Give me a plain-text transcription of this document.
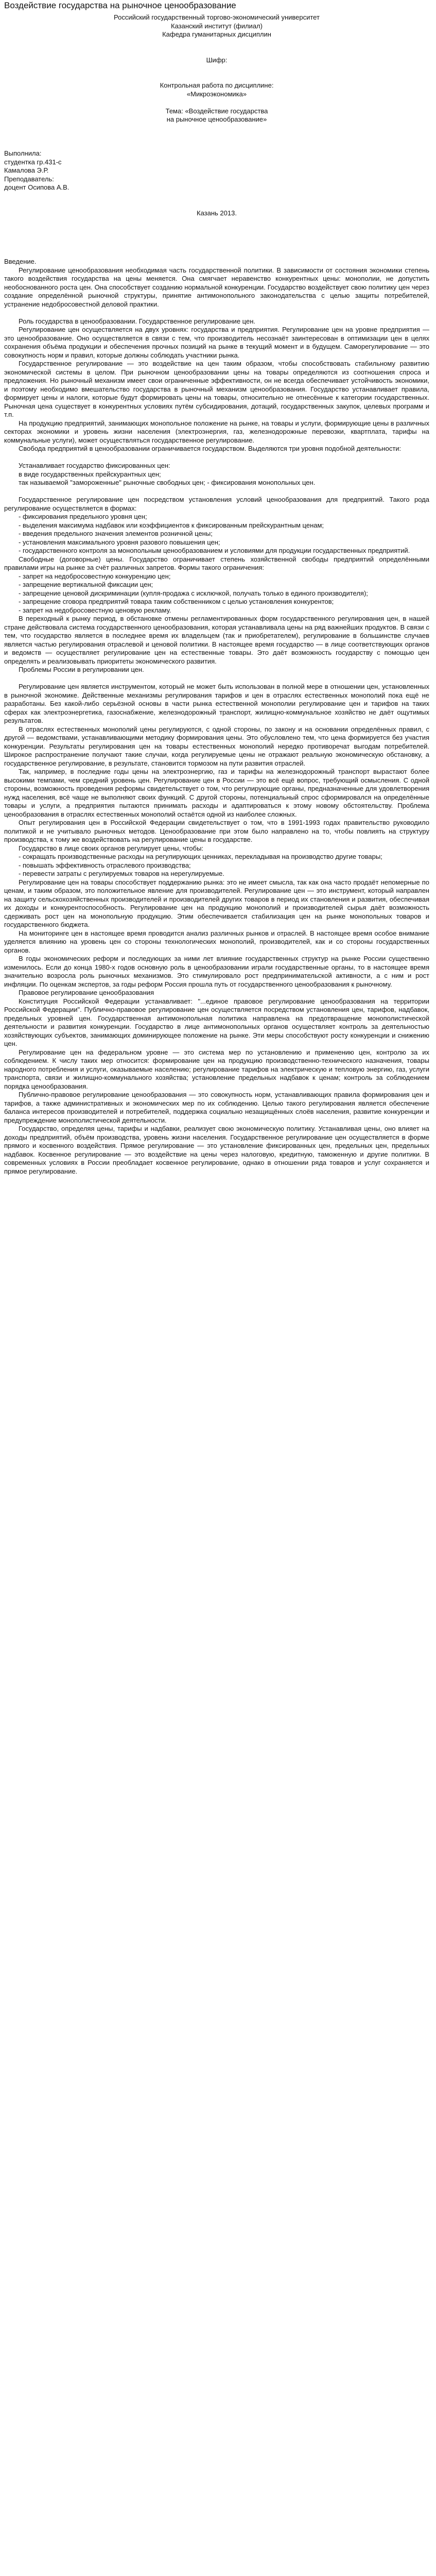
Воздействие государства на рыночное ценообразование

Российский государственный торгово-экономический университет

Казанский институт (филиал)

Кафедра гуманитарных дисциплин

Шифр:

Контрольная работа по дисциплине:

«Микроэкономика»

Тема: «Воздействие государства

на рыночное ценообразование»

Выполнила:

студентка гр.431-с

Камалова Э.Р.

Преподаватель:

доцент Осипова А.В.

Казань 2013.

Введение.

Регулирование ценообразования необходимая часть государственной политики. В зависимости от состояния экономики степень такого воздействия государства на цены меняется. Она смягчает неравенство конкурентных цены: монополии, не допустить необоснованного роста цен. Она способствует созданию нормальной конкуренции. Государство воздействует свою политику цен через создание определённой рыночной структуры, принятие антимонопольного законодательства с целью защиты потребителей, устранение недобросовестной деловой практики.

Роль государства в ценообразовании. Государственное регулирование цен.

Регулирование цен осуществляется на двух уровнях: государства и предприятия. Регулирование цен на уровне предприятия — это ценообразование. Оно осуществляется в связи с тем, что производитель несознаёт заинтересован в оптимизации цен в целях сохранения объёма продукции и обеспечения прочных позиций на рынке в текущий момент и в будущем. Саморегулирование — это совокупность норм и правил, которые должны соблюдать участники рынка.

Государственное регулирование — это воздействие на цен таким образом, чтобы способствовать стабильному развитию экономической системы в целом. При рыночном ценообразовании цены на товары определяются из соотношения спроса и предложения. Но рыночный механизм имеет свои ограниченные эффективности, он не всегда обеспечивает устойчивость экономики, и поэтому необходимо вмешательство государства в рыночный механизм ценообразования. Государство устанавливает правила, формирует цены и налоги, которые будут формировать цены на товары, относительно не отнесённые к категории государственных. Рыночная цена существует в конкурентных условиях путём субсидирования, дотаций, государственных закупок, целевых программ и т.п.

На продукцию предприятий, занимающих монопольное положение на рынке, на товары и услуги, формирующие цены в различных секторах экономики и уровень жизни населения (электроэнергия, газ, железнодорожные перевозки, квартплата, тарифы на коммунальные услуги), может осуществляться государственное регулирование.

Свобода предприятий в ценообразовании ограничивается государством. Выделяются три уровня подобной деятельности:

Устанавливает государство фиксированных цен:

в виде государственных прейскурантных цен;
так называемой "замороженные" рыночные свободных цен; - фиксирования монопольных цен.

Государственное регулирование цен посредством установления условий ценообразования для предприятий. Такого рода регулирование осуществляется в формах:

- фиксирования предельного уровня цен;

- выделения максимума надбавок или коэффициентов к фиксированным прейскурантным ценам;

- введения предельного значения элементов розничной цены;

- установления максимального уровня разового повышения цен;

- государственного контроля за монопольным ценообразованием и условиями для продукции государственных предприятий.

Свободные (договорные) цены. Государство ограничивает степень хозяйственной свободы предприятий определёнными правилами игры на рынке за счёт различных запретов. Формы такого ограничения:

- запрет на недобросовестную конкуренцию цен;

- запрещение вертикальной фиксации цен;

- запрещение ценовой дискриминации (купля-продажа с исключкой, получать только в единого производителя);

- запрещение сговора предприятий товара таким собственником с целью установления конкурентов;

- запрет на недобросовестную ценовую рекламу.

В переходный к рынку период, в обстановке отмены регламентированных форм государственного регулирования цен, в нашей стране действовала система государственного ценообразования, которая устанавливала цены на ряд важнейших продуктов. В связи с тем, что государство является в последнее время их владельцем (так и приобретателем), регулирование в большинстве случаев является частью регулирования отраслевой и ценовой политики. В настоящее время государство — в лице соответствующих органов и ведомств — осуществляет регулирование цен на естественные товары. Это даёт возможность государству с помощью цен определять и реализовывать приоритеты экономического развития.

Проблемы России в регулировании цен.

Регулирование цен является инструментом, который не может быть использован в полной мере в отношении цен, установленных в рыночной экономике. Действенные механизмы регулирования тарифов и цен в отраслях естественных монополий пока ещё не разработаны. Без какой-либо серьёзной основы в части рынка естественной монополии регулирование цен и тарифов на таких сферах как электроэнергетика, газоснабжение, железнодорожный транспорт, жилищно-коммунальное хозяйство не даёт ощутимых результатов.

В отраслях естественных монополий цены регулируются, с одной стороны, по закону и на основании определённых правил, с другой — ведомствами, устанавливающими методику формирования цены. Это обусловлено тем, что цена формируется без участия конкуренции. Результаты регулирования цен на товары естественных монополий нередко противоречат выгодам потребителей. Широкое распространение получают такие случаи, когда регулируемые цены не отражают реальную экономическую обстановку, а государственное регулирование, в результате, становится тормозом на пути развития отраслей.

Так, например, в последние годы цены на электроэнергию, газ и тарифы на железнодорожный транспорт вырастают более высокими темпами, чем средний уровень цен. Регулирование цен в России — это всё ещё вопрос, требующий осмысления. С одной стороны, возможность проведения реформы свидетельствует о том, что регулирующие органы, предназначенные для удовлетворения нужд населения, всё чаще не выполняют своих функций. С другой стороны, потенциальный спрос сформировался на определённые товары и услуги, а предприятия пытаются принимать расходы и адаптироваться к этому новому обстоятельству. Проблема ценообразования в отраслях естественных монополий остаётся одной из наиболее сложных.

Опыт регулирования цен в Российской Федерации свидетельствует о том, что в 1991-1993 годах правительство руководило политикой и не учитывало рыночных методов. Ценообразование при этом было направлено на то, чтобы повлиять на структуру производства, к тому же воздействовать на регулирование цены в государстве.

Государство в лице своих органов регулирует цены, чтобы:

- сокращать производственные расходы на регулирующих ценниках, перекладывая на производство другие товары;

- повышать эффективность отраслевого производства;

- перевести затраты с регулируемых товаров на нерегулируемые.

Регулирование цен на товары способствует поддержанию рынка: это не имеет смысла, так как она часто продаёт непомерные по ценам, и таким образом, это положительное явление для производителей. Регулирование цен — это инструмент, который направлен на защиту сельскохозяйственных производителей и производителей других товаров в период их становления и развития, обеспечивая их доходы и конкурентоспособность. Регулирование цен на продукцию монополий и производителей сырья даёт возможность сдерживать рост цен на монопольную продукцию. Этим обеспечивается стабилизация цен на рынке монопольных товаров и государственного бюджета.

На мониторинге цен в настоящее время проводится анализ различных рынков и отраслей. В настоящее время особое внимание уделяется влиянию на уровень цен со стороны технологических монополий, производителей, как и со стороны государственных органов.

В годы экономических реформ и последующих за ними лет влияние государственных структур на рынке России существенно изменилось. Если до конца 1980-х годов основную роль в ценообразовании играли государственные органы, то в настоящее время значительно возросла роль рыночных механизмов. Это стимулировало рост предпринимательской активности, а с ним и рост инфляции. По оценкам экспертов, за годы реформ Россия прошла путь от государственного ценообразования к рыночному.

Правовое регулирование ценообразования

Конституция Российской Федерации устанавливает: "...единое правовое регулирование ценообразования на территории Российской Федерации". Публично-правовое регулирование цен осуществляется посредством установления цен, тарифов, надбавок, предельных уровней цен. Государственная антимонопольная политика направлена на предотвращение монополистической деятельности и развития конкуренции. Государство в лице антимонопольных органов осуществляет контроль за деятельностью хозяйствующих субъектов, занимающих доминирующее положение на рынке. Эти меры способствуют росту конкуренции и снижению цен.

Регулирование цен на федеральном уровне — это система мер по установлению и применению цен, контролю за их соблюдением. К числу таких мер относится: формирование цен на продукцию производственно-технического назначения, товары народного потребления и услуги, оказываемые населению; регулирование тарифов на электрическую и тепловую энергию, газ, услуги транспорта, связи и жилищно-коммунального хозяйства; установление предельных надбавок к ценам; контроль за соблюдением порядка ценообразования.

Публично-правовое регулирование ценообразования — это совокупность норм, устанавливающих правила формирования цен и тарифов, а также административных и экономических мер по их соблюдению. Целью такого регулирования является обеспечение баланса интересов производителей и потребителей, поддержка социально незащищённых слоёв населения, развитие конкуренции и предупреждение монополистической деятельности.

Государство, определяя цены, тарифы и надбавки, реализует свою экономическую политику. Устанавливая цены, оно влияет на доходы предприятий, объём производства, уровень жизни населения. Государственное регулирование цен осуществляется в форме прямого и косвенного воздействия. Прямое регулирование — это установление фиксированных цен, предельных цен, предельных надбавок. Косвенное регулирование — это воздействие на цены через налоговую, кредитную, таможенную и другие политики. В современных условиях в России преобладает косвенное регулирование, однако в отношении ряда товаров и услуг сохраняется и прямое регулирование.
